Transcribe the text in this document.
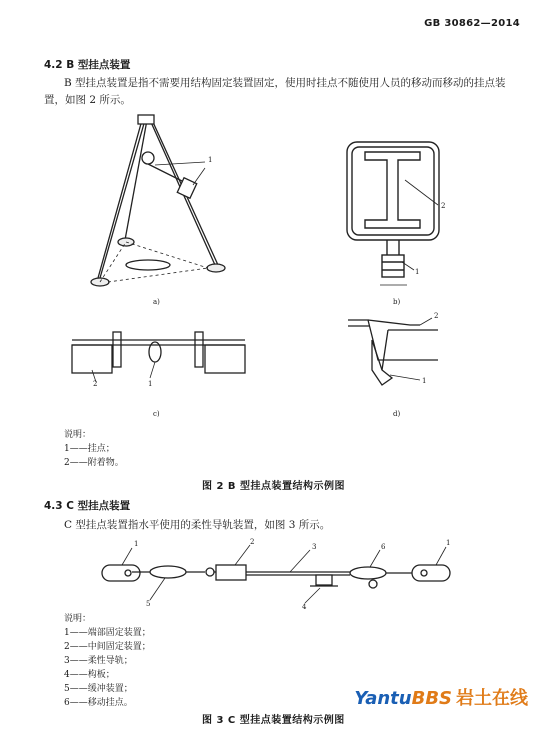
GB 30862—2014
4.2 B 型挂点装置
B 型挂点装置是指不需要用结构固定装置固定，使用时挂点不随使用人员的移动而移动的挂点装
置，如图 2 所示。
1
2
1
2	1
2
1
a)	b)
c)	d)
说明：
1——挂点；
2——附着物。
图 2 B 型挂点装置结构示例图
4.3 C 型挂点装置
C 型挂点装置指水平使用的柔性导轨装置，如图 3 所示。
1	2
3
4
5
6	1
说明：
1——端部固定装置；
2——中间固定装置；
3——柔性导轨；
4——构板；
5——缓冲装置；
6——移动挂点。
图 3 C 型挂点装置结构示例图
YantuBBS 岩土在线
